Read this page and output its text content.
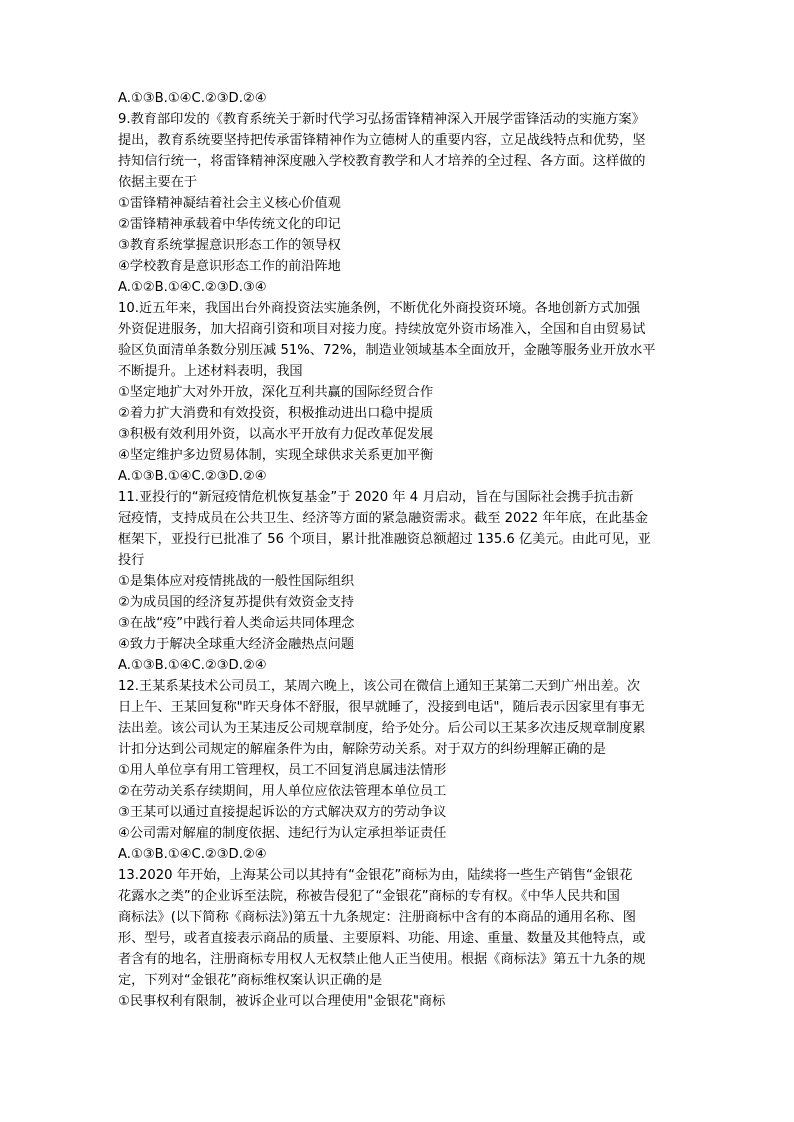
A.①③B.①④C.②③D.②④
9.教育部印发的《教育系统关于新时代学习弘扬雷锋精神深入开展学雷锋活动的实施方案》
提出，教育系统要坚持把传承雷锋精神作为立德树人的重要内容，立足战线特点和优势，坚
持知信行统一，将雷锋精神深度融入学校教育教学和人才培养的全过程、各方面。这样做的
依据主要在于
①雷锋精神凝结着社会主义核心价值观
②雷锋精神承载着中华传统文化的印记
③教育系统掌握意识形态工作的领导权
④学校教育是意识形态工作的前沿阵地
A.①②B.①④C.②③D.③④
10.近五年来，我国出台外商投资法实施条例，不断优化外商投资环境。各地创新方式加强
外资促进服务，加大招商引资和项目对接力度。持续放宽外资市场准入，全国和自由贸易试
验区负面清单条数分别压减 51%、72%，制造业领域基本全面放开，金融等服务业开放水平
不断提升。上述材料表明，我国
①坚定地扩大对外开放，深化互利共赢的国际经贸合作
②着力扩大消费和有效投资，积极推动进出口稳中提质
③积极有效利用外资，以高水平开放有力促改革促发展
④坚定维护多边贸易体制，实现全球供求关系更加平衡
A.①③B.①④C.②③D.②④
11.亚投行的“新冠疫情危机恢复基金”于 2020 年 4 月启动，旨在与国际社会携手抗击新
冠疫情，支持成员在公共卫生、经济等方面的紧急融资需求。截至 2022 年年底，在此基金
框架下，亚投行已批准了 56 个项目，累计批准融资总额超过 135.6 亿美元。由此可见，亚
投行
①是集体应对疫情挑战的一般性国际组织
②为成员国的经济复苏提供有效资金支持
③在战“疫”中践行着人类命运共同体理念
④致力于解决全球重大经济金融热点问题
A.①③B.①④C.②③D.②④
12.王某系某技术公司员工，某周六晚上，该公司在微信上通知王某第二天到广州出差。次
日上午、王某回复称"昨天身体不舒服，很早就睡了，没接到电话"，随后表示因家里有事无
法出差。该公司认为王某违反公司规章制度，给予处分。后公司以王某多次违反规章制度累
计扣分达到公司规定的解雇条件为由，解除劳动关系。对于双方的纠纷理解正确的是
①用人单位享有用工管理权，员工不回复消息属违法情形
②在劳动关系存续期间，用人单位应依法管理本单位员工
③王某可以通过直接提起诉讼的方式解决双方的劳动争议
④公司需对解雇的制度依据、违纪行为认定承担举证责任
A.①③B.①④C.②③D.②④
13.2020 年开始，上海某公司以其持有“金银花”商标为由，陆续将一些生产销售“金银花
花露水之类”的企业诉至法院，称被告侵犯了“金银花”商标的专有权。《中华人民共和国
商标法》(以下简称《商标法》)第五十九条规定：注册商标中含有的本商品的通用名称、图
形、型号，或者直接表示商品的质量、主要原料、功能、用途、重量、数量及其他特点，或
者含有的地名，注册商标专用权人无权禁止他人正当使用。根据《商标法》第五十九条的规
定，下列对“金银花”商标维权案认识正确的是
①民事权利有限制，被诉企业可以合理使用"金银花"商标
